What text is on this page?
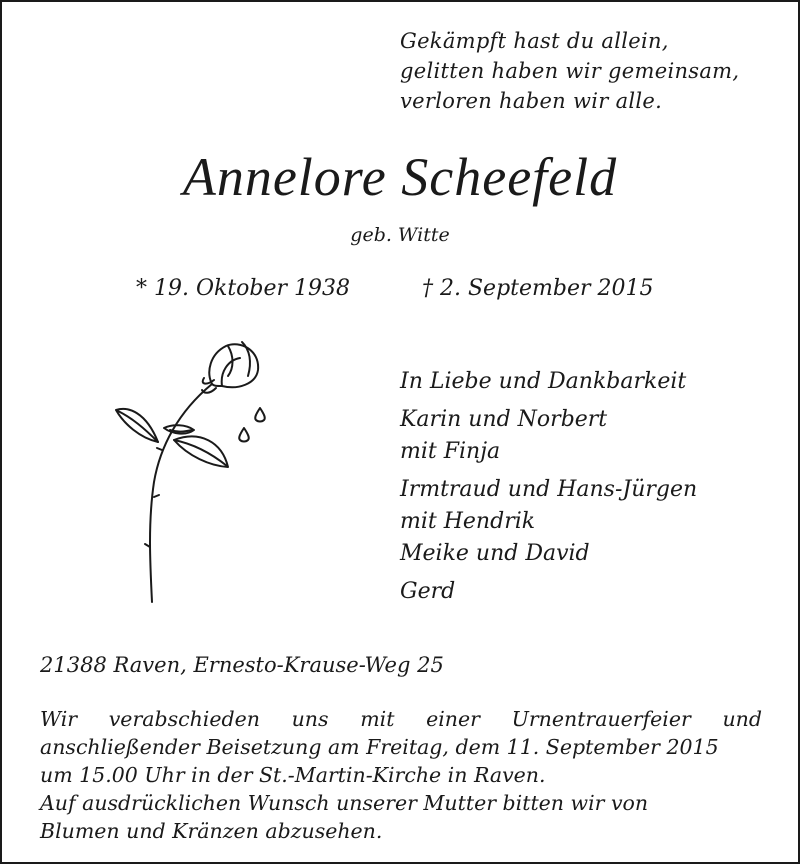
Gekämpft hast du allein,
gelitten haben wir gemeinsam,
verloren haben wir alle.
Annelore Scheefeld
geb. Witte
* 19. Oktober 1938	† 2. September 2015
In Liebe und Dankbarkeit
Karin und Norbert
mit Finja
Irmtraud und Hans-Jürgen
mit Hendrik
Meike und David
Gerd
21388 Raven, Ernesto-Krause-Weg 25
Wir verabschieden uns mit einer Urnentrauerfeier und
anschließender Beisetzung am Freitag, dem 11. September 2015
um 15.00 Uhr in der St.-Martin-Kirche in Raven.
Auf ausdrücklichen Wunsch unserer Mutter bitten wir von
Blumen und Kränzen abzusehen.
